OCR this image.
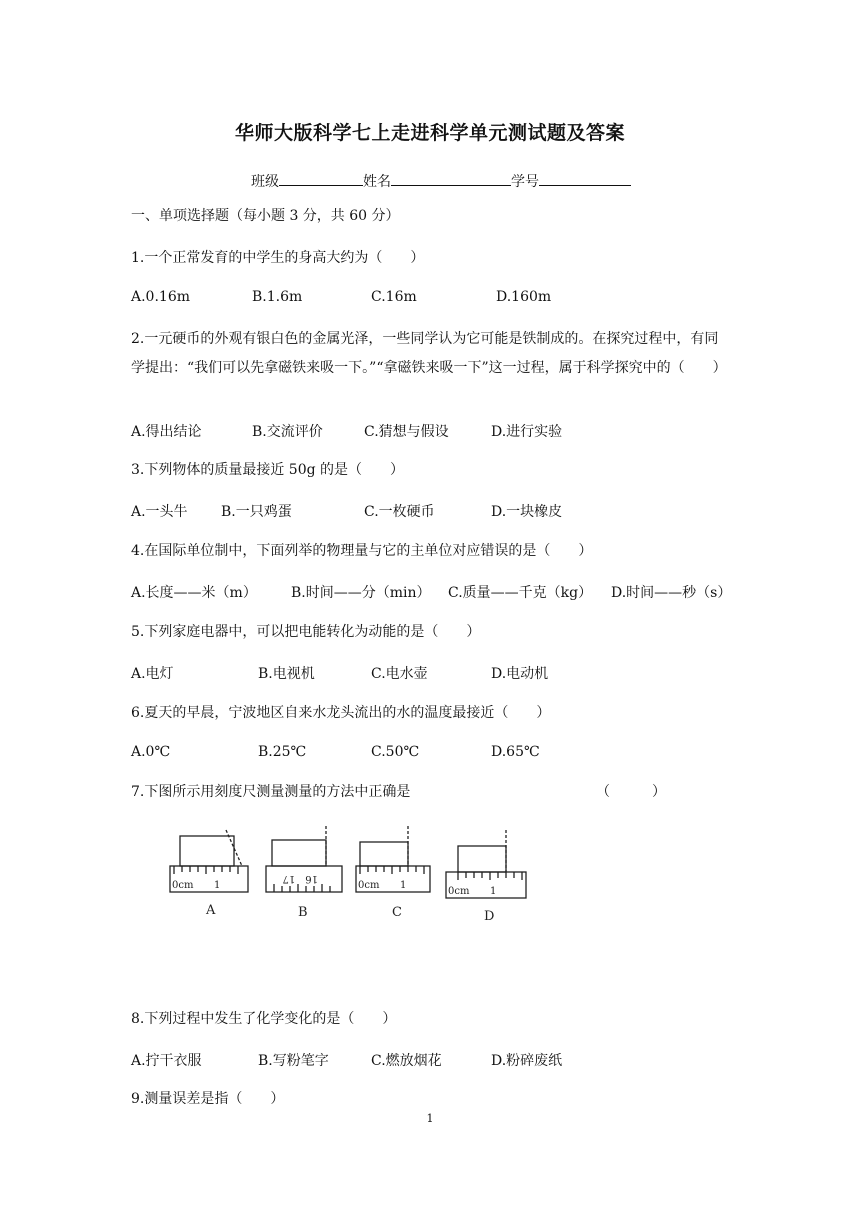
华师大版科学七上走进科学单元测试题及答案
班级	姓名	学号
一、单项选择题（每小题 3 分，共 60 分）
1.一个正常发育的中学生的身高大约为（　　）
A.0.16m	B.1.6m	C.16m	D.160m
2.一元硬币的外观有银白色的金属光泽，一些同学认为它可能是铁制成的。在探究过程中，有同学提出：“我们可以先拿磁铁来吸一下。”“拿磁铁来吸一下”这一过程，属于科学探究中的（　　）
A.得出结论	B.交流评价	C.猜想与假设	D.进行实验
3.下列物体的质量最接近 50g 的是（　　）
A.一头牛 B.一只鸡蛋	C.一枚硬币	D.一块橡皮
4.在国际单位制中，下面列举的物理量与它的主单位对应错误的是（　　）
A.长度——米（m） B.时间——分（min） C.质量——千克（kg） D.时间——秒（s）
5.下列家庭电器中，可以把电能转化为动能的是（　　）
A.电灯	B.电视机	C.电水壶	D.电动机
6.夏天的早晨，宁波地区自来水龙头流出的水的温度最接近（　　）
A.0℃	B.25℃	C.50℃	D.65℃
7.下图所示用刻度尺测量测量的方法中正确是	（　　　）
0cm 1
16　17
0cm 1
0cm 1
A	B	C	D
8.下列过程中发生了化学变化的是（　　）
A.拧干衣服	B.写粉笔字	C.燃放烟花	D.粉碎废纸
9.测量误差是指（　　）
1
